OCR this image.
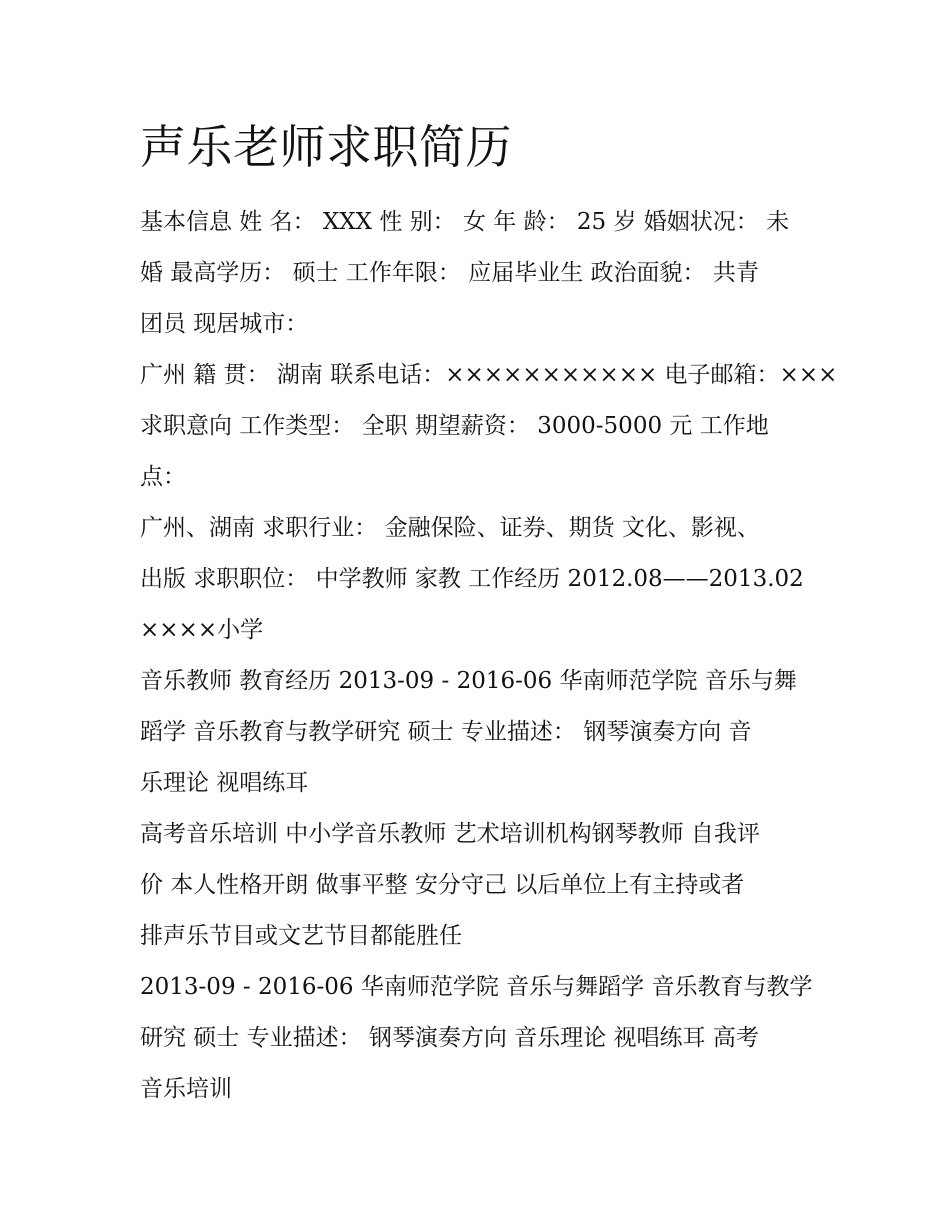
声乐老师求职简历

基本信息 姓 名： XXX 性 别： 女 年 龄： 25 岁 婚姻状况： 未

婚 最高学历： 硕士 工作年限： 应届毕业生 政治面貌： 共青

团员 现居城市：

广州 籍 贯： 湖南 联系电话：××××××××××× 电子邮箱：×××

求职意向 工作类型： 全职 期望薪资： 3000-5000 元 工作地

点：

广州、湖南 求职行业： 金融保险、证券、期货 文化、影视、

出版 求职职位： 中学教师 家教 工作经历 2012.08——2013.02

××××小学

音乐教师 教育经历 2013-09 - 2016-06 华南师范学院 音乐与舞

蹈学 音乐教育与教学研究 硕士 专业描述： 钢琴演奏方向 音

乐理论 视唱练耳

高考音乐培训 中小学音乐教师 艺术培训机构钢琴教师 自我评

价 本人性格开朗 做事平整 安分守己 以后单位上有主持或者

排声乐节目或文艺节目都能胜任

2013-09 - 2016-06 华南师范学院 音乐与舞蹈学 音乐教育与教学

研究 硕士 专业描述： 钢琴演奏方向 音乐理论 视唱练耳 高考

音乐培训
